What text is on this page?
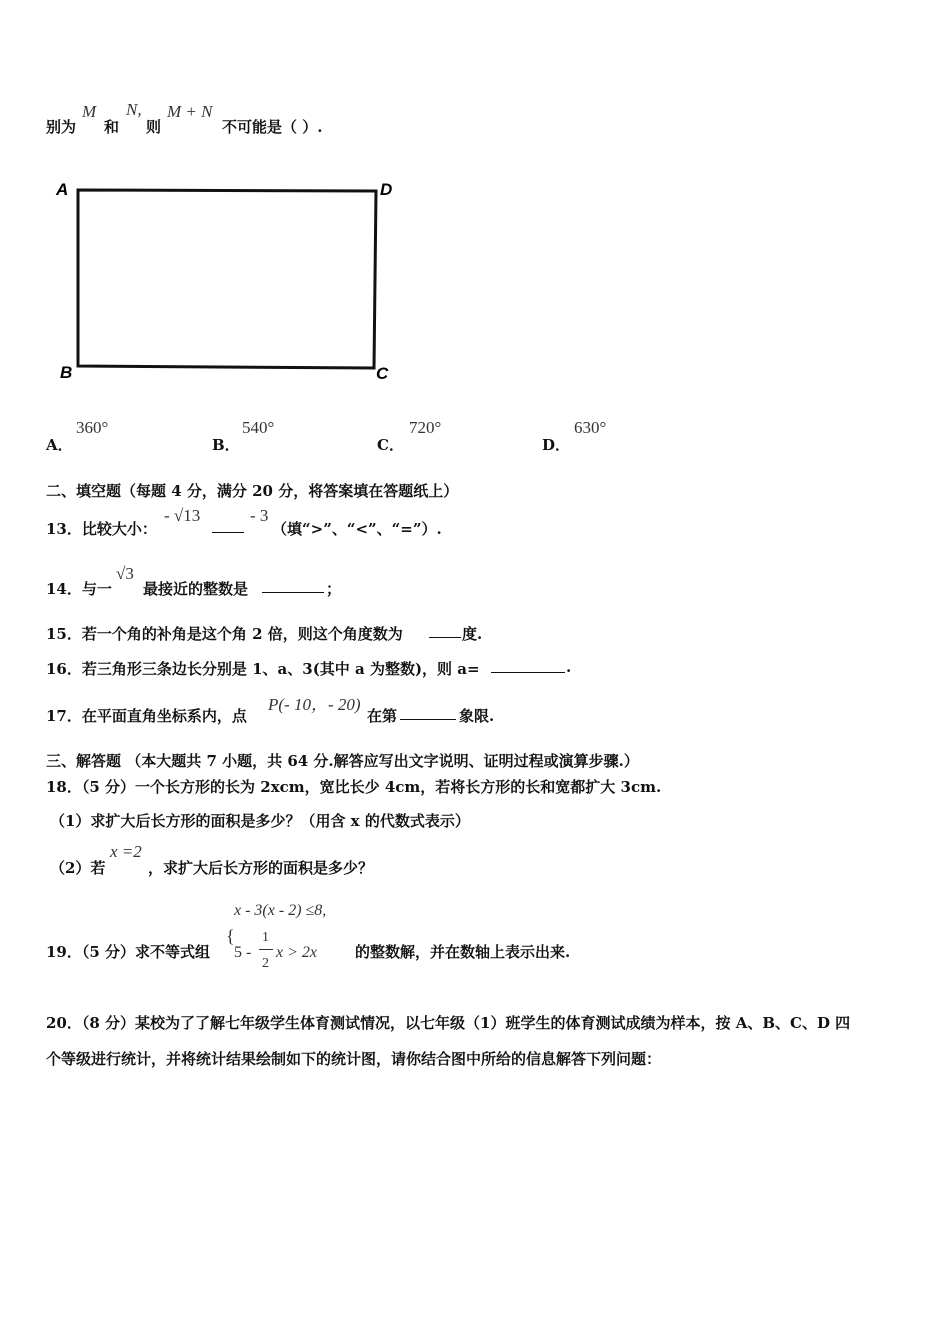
别为
M
和
N,
则
M + N
不可能是（ ）.
A	D
B	C
A．
360°
B．
540°
C．
720°
D．
630°
二、填空题（每题 4 分，满分 20 分，将答案填在答题纸上）
13．比较大小：
- √13	- 3
（填“>”、“<”、“=”）.
14．与一
√3
最接近的整数是	；
15．若一个角的补角是这个角 2 倍，则这个角度数为	度.
16．若三角形三条边长分别是 1、a、3(其中 a 为整数)，则 a=	.
17．在平面直角坐标系内，点
P(- 10，- 20)
在第	象限.
三、解答题 （本大题共 7 小题，共 64 分.解答应写出文字说明、证明过程或演算步骤.）
18．（5 分）一个长方形的长为 2xcm，宽比长少 4cm，若将长方形的长和宽都扩大 3cm.
（1）求扩大后长方形的面积是多少？（用含 x 的代数式表示）
（2）若
x =2
，求扩大后长方形的面积是多少？
x - 3(x - 2) ≤8,
{
5 -
1
2
x > 2x
19．（5 分）求不等式组	的整数解，并在数轴上表示出来.
20．（8 分）某校为了了解七年级学生体育测试情况，以七年级（1）班学生的体育测试成绩为样本，按 A、B、C、D 四
个等级进行统计，并将统计结果绘制如下的统计图，请你结合图中所给的信息解答下列问题：
